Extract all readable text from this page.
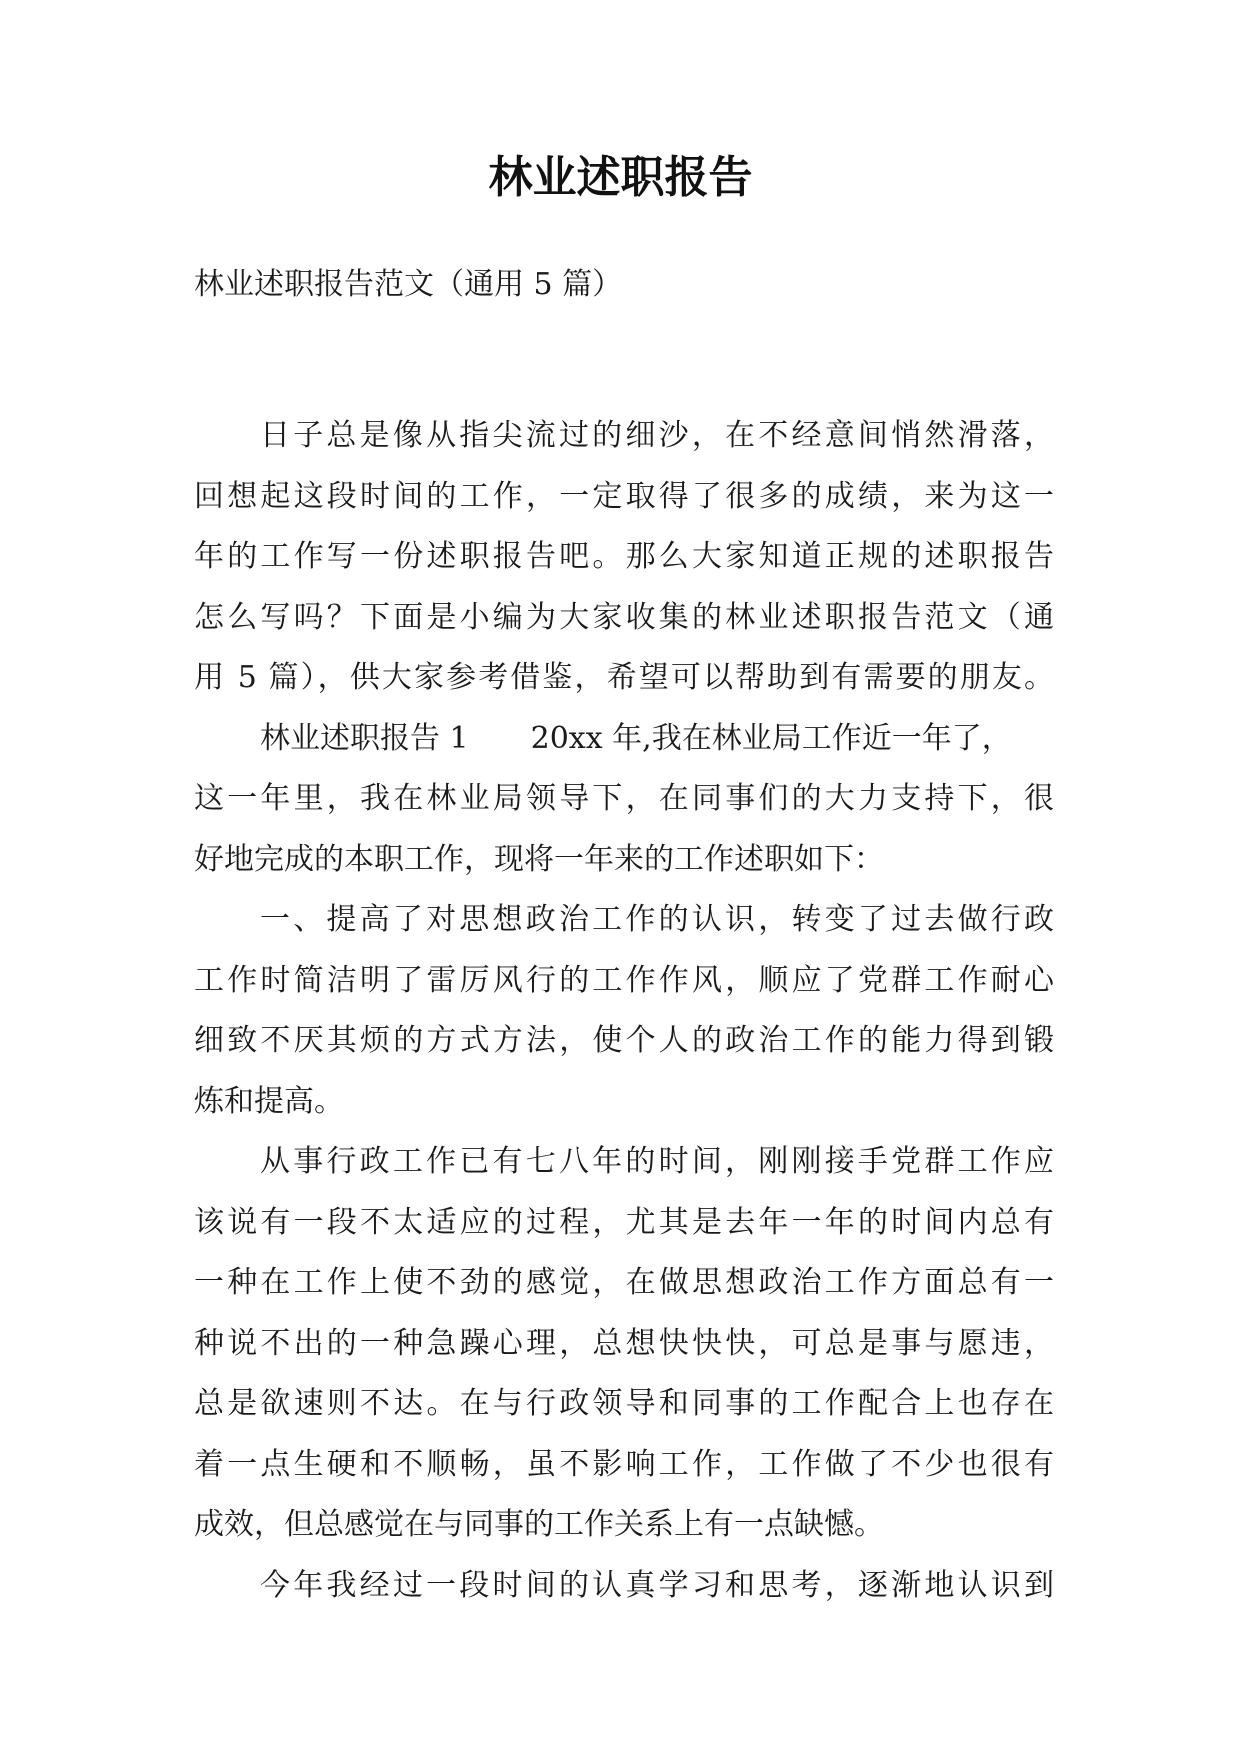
林业述职报告

林业述职报告范文（通用 5 篇）

日子总是像从指尖流过的细沙，在不经意间悄然滑落，
回想起这段时间的工作，一定取得了很多的成绩，来为这一
年的工作写一份述职报告吧。那么大家知道正规的述职报告
怎么写吗？下面是小编为大家收集的林业述职报告范文（通
用 5 篇），供大家参考借鉴，希望可以帮助到有需要的朋友。
林业述职报告 1 20xx 年,我在林业局工作近一年了，
这一年里，我在林业局领导下，在同事们的大力支持下，很
好地完成的本职工作，现将一年来的工作述职如下：
一、提高了对思想政治工作的认识，转变了过去做行政
工作时简洁明了雷厉风行的工作作风，顺应了党群工作耐心
细致不厌其烦的方式方法，使个人的政治工作的能力得到锻
炼和提高。
从事行政工作已有七八年的时间，刚刚接手党群工作应
该说有一段不太适应的过程，尤其是去年一年的时间内总有
一种在工作上使不劲的感觉，在做思想政治工作方面总有一
种说不出的一种急躁心理，总想快快快，可总是事与愿违，
总是欲速则不达。在与行政领导和同事的工作配合上也存在
着一点生硬和不顺畅，虽不影响工作，工作做了不少也很有
成效，但总感觉在与同事的工作关系上有一点缺憾。
今年我经过一段时间的认真学习和思考，逐渐地认识到
